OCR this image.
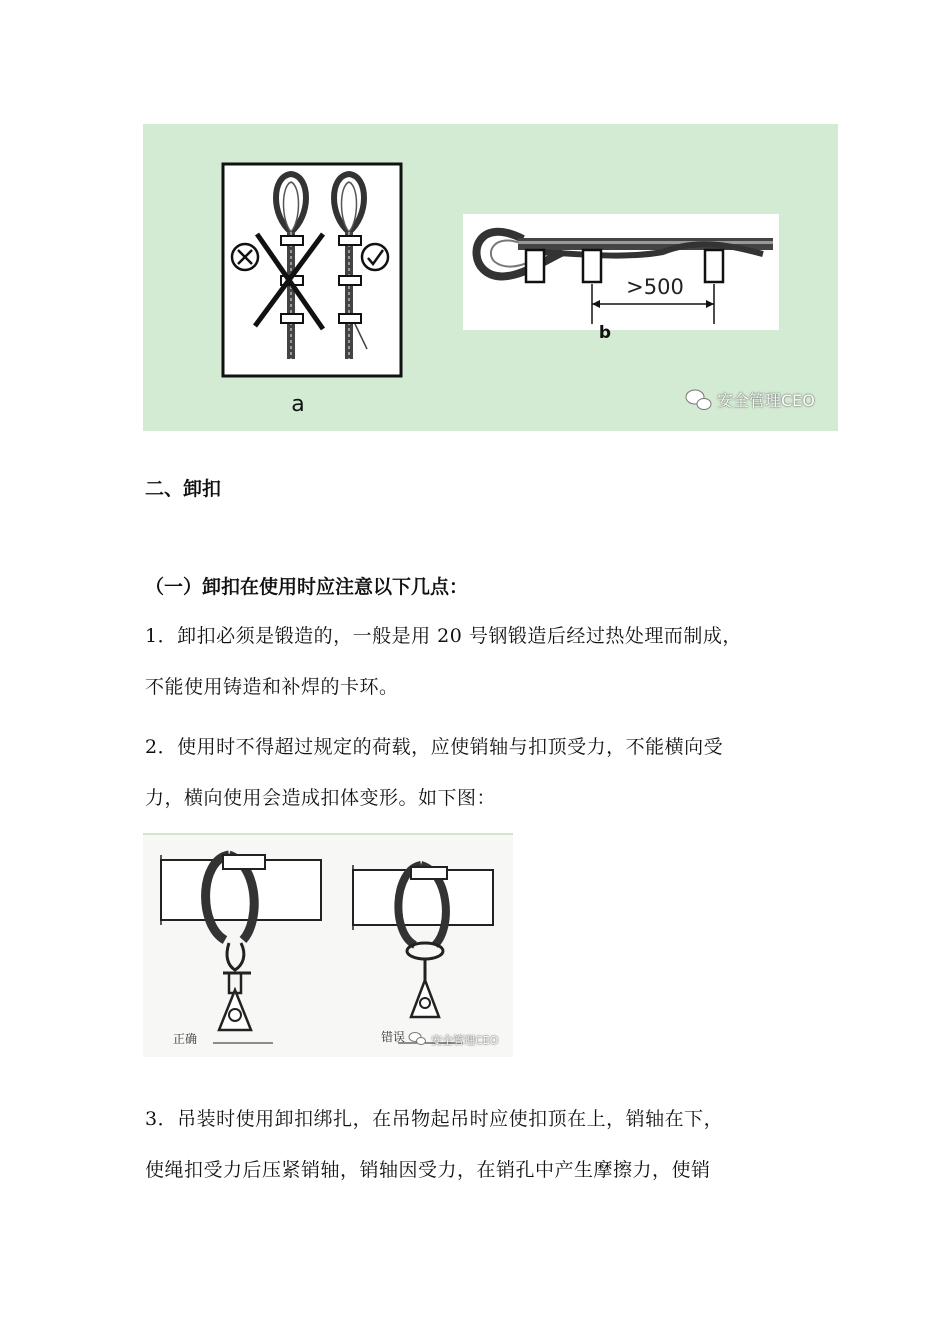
a
>500
b
安全管理CEO
二、卸扣
（一）卸扣在使用时应注意以下几点：

1．卸扣必须是锻造的，一般是用 20 号钢锻造后经过热处理而制成，

不能使用铸造和补焊的卡环。

2．使用时不得超过规定的荷载，应使销轴与扣顶受力，不能横向受

力，横向使用会造成扣体变形。如下图：

正确	错误 安全管理CEO

3．吊装时使用卸扣绑扎，在吊物起吊时应使扣顶在上，销轴在下，

使绳扣受力后压紧销轴，销轴因受力，在销孔中产生摩擦力，使销
